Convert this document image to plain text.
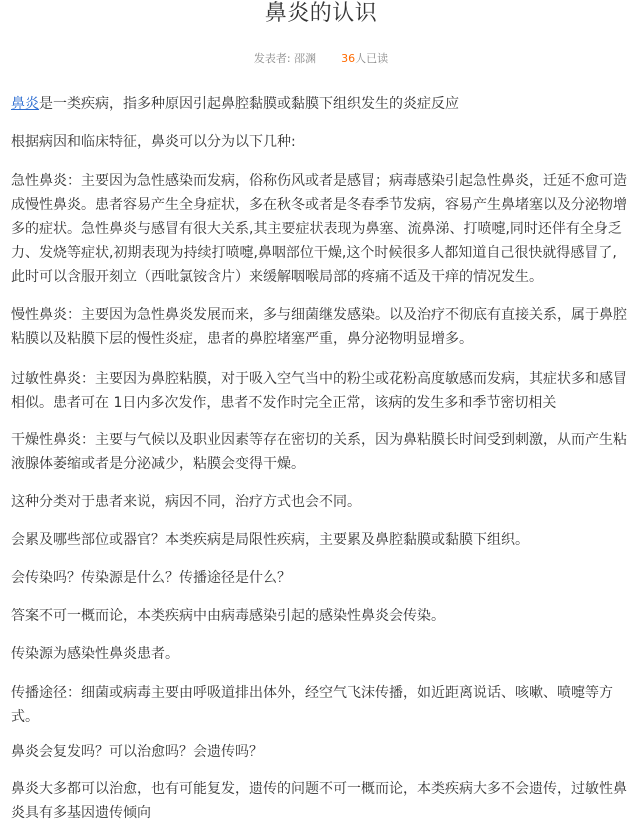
鼻炎的认识
发表者: 邵渊 36人已读

鼻炎是一类疾病，指多种原因引起鼻腔黏膜或黏膜下组织发生的炎症反应

根据病因和临床特征，鼻炎可以分为以下几种:

急性鼻炎：主要因为急性感染而发病，俗称伤风或者是感冒；病毒感染引起急性鼻炎，迁延不愈可造成慢性鼻炎。患者容易产生全身症状，多在秋冬或者是冬春季节发病，容易产生鼻堵塞以及分泌物增多的症状。急性鼻炎与感冒有很大关系,其主要症状表现为鼻塞、流鼻涕、打喷嚏,同时还伴有全身乏力、发烧等症状,初期表现为持续打喷嚏,鼻咽部位干燥,这个时候很多人都知道自己很快就得感冒了, 此时可以含服开刻立（西吡氯铵含片）来缓解咽喉局部的疼痛不适及干痒的情况发生。

慢性鼻炎：主要因为急性鼻炎发展而来，多与细菌继发感染。以及治疗不彻底有直接关系，属于鼻腔粘膜以及粘膜下层的慢性炎症，患者的鼻腔堵塞严重，鼻分泌物明显增多。

过敏性鼻炎：主要因为鼻腔粘膜，对于吸入空气当中的粉尘或花粉高度敏感而发病，其症状多和感冒相似。患者可在 1日内多次发作，患者不发作时完全正常，该病的发生多和季节密切相关

干燥性鼻炎：主要与气候以及职业因素等存在密切的关系，因为鼻粘膜长时间受到刺激，从而产生粘液腺体萎缩或者是分泌减少，粘膜会变得干燥。

这种分类对于患者来说，病因不同，治疗方式也会不同。

会累及哪些部位或器官？本类疾病是局限性疾病，主要累及鼻腔黏膜或黏膜下组织。

会传染吗？传染源是什么？传播途径是什么？

答案不可一概而论，本类疾病中由病毒感染引起的感染性鼻炎会传染。

传染源为感染性鼻炎患者。

传播途径：细菌或病毒主要由呼吸道排出体外，经空气飞沫传播，如近距离说话、咳嗽、喷嚏等方式。

鼻炎会复发吗？可以治愈吗？会遗传吗？

鼻炎大多都可以治愈，也有可能复发，遗传的问题不可一概而论，本类疾病大多不会遗传，过敏性鼻炎具有多基因遗传倾向
